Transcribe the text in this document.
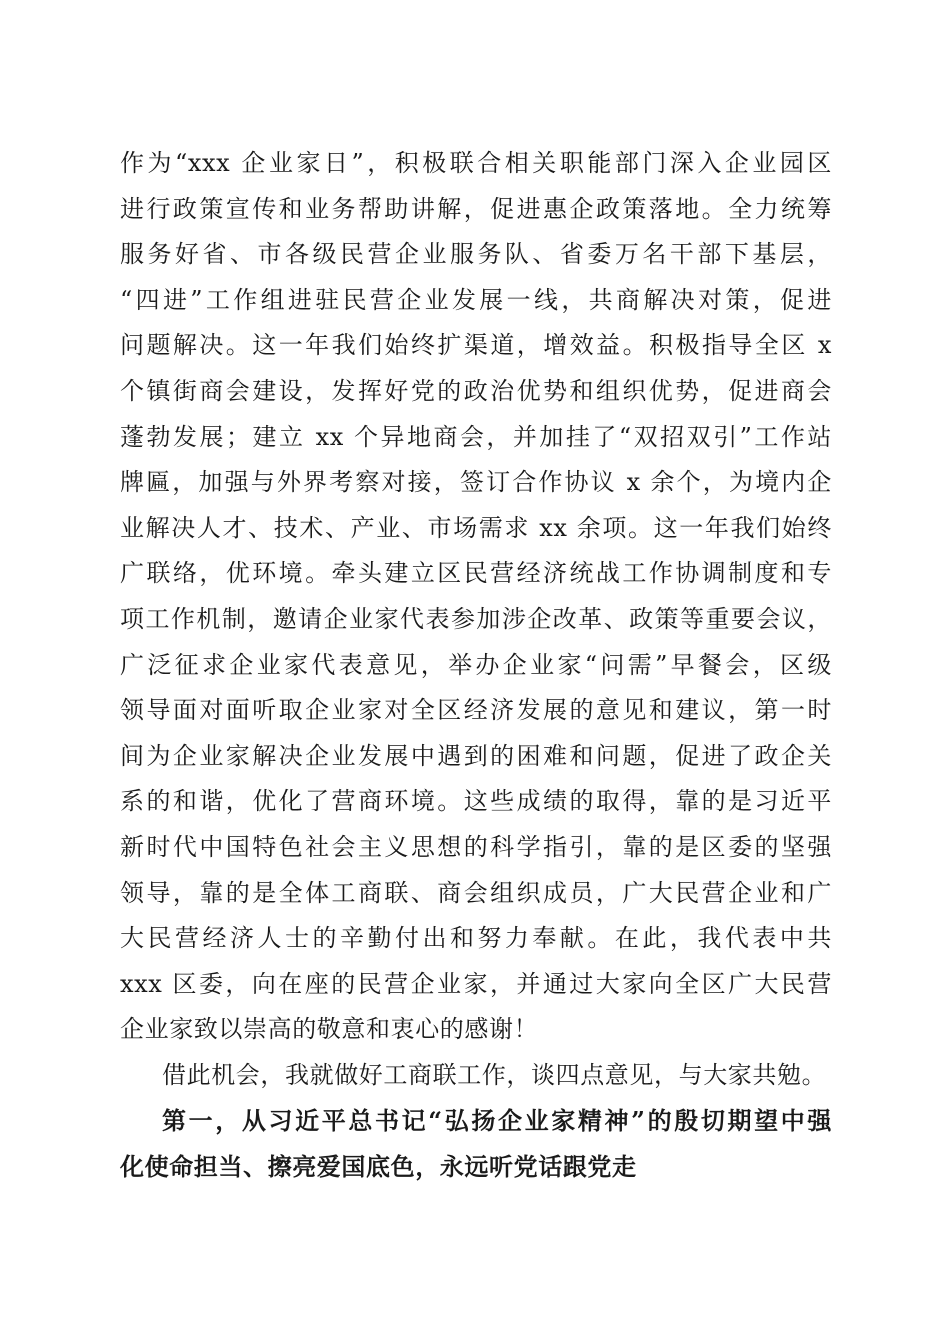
作为“xxx 企业家日”，积极联合相关职能部门深入企业园区
进行政策宣传和业务帮助讲解，促进惠企政策落地。全力统筹
服务好省、市各级民营企业服务队、省委万名干部下基层，
“四进”工作组进驻民营企业发展一线，共商解决对策，促进
问题解决。这一年我们始终扩渠道，增效益。积极指导全区 x
个镇街商会建设，发挥好党的政治优势和组织优势，促进商会
蓬勃发展；建立 xx 个异地商会，并加挂了“双招双引”工作站
牌匾，加强与外界考察对接，签订合作协议 x 余个，为境内企
业解决人才、技术、产业、市场需求 xx 余项。这一年我们始终
广联络，优环境。牵头建立区民营经济统战工作协调制度和专
项工作机制，邀请企业家代表参加涉企改革、政策等重要会议，
广泛征求企业家代表意见，举办企业家“问需”早餐会，区级
领导面对面听取企业家对全区经济发展的意见和建议，第一时
间为企业家解决企业发展中遇到的困难和问题，促进了政企关
系的和谐，优化了营商环境。这些成绩的取得，靠的是习近平
新时代中国特色社会主义思想的科学指引，靠的是区委的坚强
领导，靠的是全体工商联、商会组织成员，广大民营企业和广
大民营经济人士的辛勤付出和努力奉献。在此，我代表中共
xxx 区委，向在座的民营企业家，并通过大家向全区广大民营
企业家致以崇高的敬意和衷心的感谢！
借此机会，我就做好工商联工作，谈四点意见，与大家共勉。
第一，从习近平总书记“弘扬企业家精神”的殷切期望中强
化使命担当、擦亮爱国底色，永远听党话跟党走
